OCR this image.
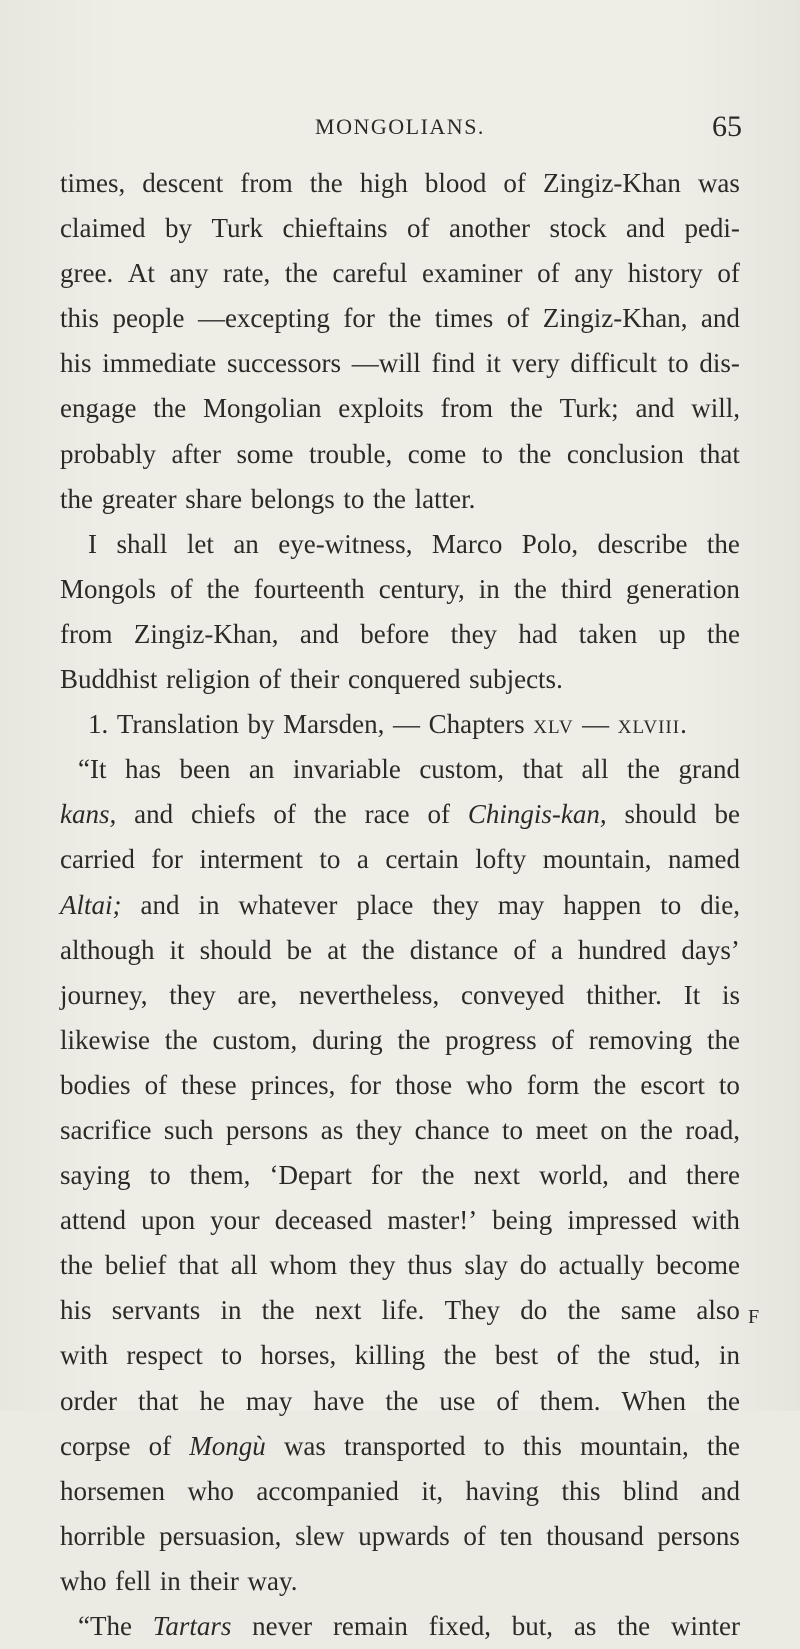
MONGOLIANS.	65
times, descent from the high blood of Zingiz-Khan was
claimed by Turk chieftains of another stock and pedi-
gree. At any rate, the careful examiner of any history of
this people —excepting for the times of Zingiz-Khan, and
his immediate successors —will find it very difficult to dis-
engage the Mongolian exploits from the Turk; and will,
probably after some trouble, come to the conclusion that
the greater share belongs to the latter.
I shall let an eye-witness, Marco Polo, describe the
Mongols of the fourteenth century, in the third generation
from Zingiz-Khan, and before they had taken up the
Buddhist religion of their conquered subjects.
1. Translation by Marsden, — Chapters xlv — xlviii.
“It has been an invariable custom, that all the grand
kans, and chiefs of the race of Chingis-kan, should be
carried for interment to a certain lofty mountain, named
Altai; and in whatever place they may happen to die,
although it should be at the distance of a hundred days’
journey, they are, nevertheless, conveyed thither. It is
likewise the custom, during the progress of removing the
bodies of these princes, for those who form the escort to
sacrifice such persons as they chance to meet on the road,
saying to them, ‘Depart for the next world, and there
attend upon your deceased master!’ being impressed with
the belief that all whom they thus slay do actually become
his servants in the next life. They do the same also
with respect to horses, killing the best of the stud, in
order that he may have the use of them. When the
corpse of Mongù was transported to this mountain, the
horsemen who accompanied it, having this blind and
horrible persuasion, slew upwards of ten thousand persons
who fell in their way.
“The Tartars never remain fixed, but, as the winter
F
